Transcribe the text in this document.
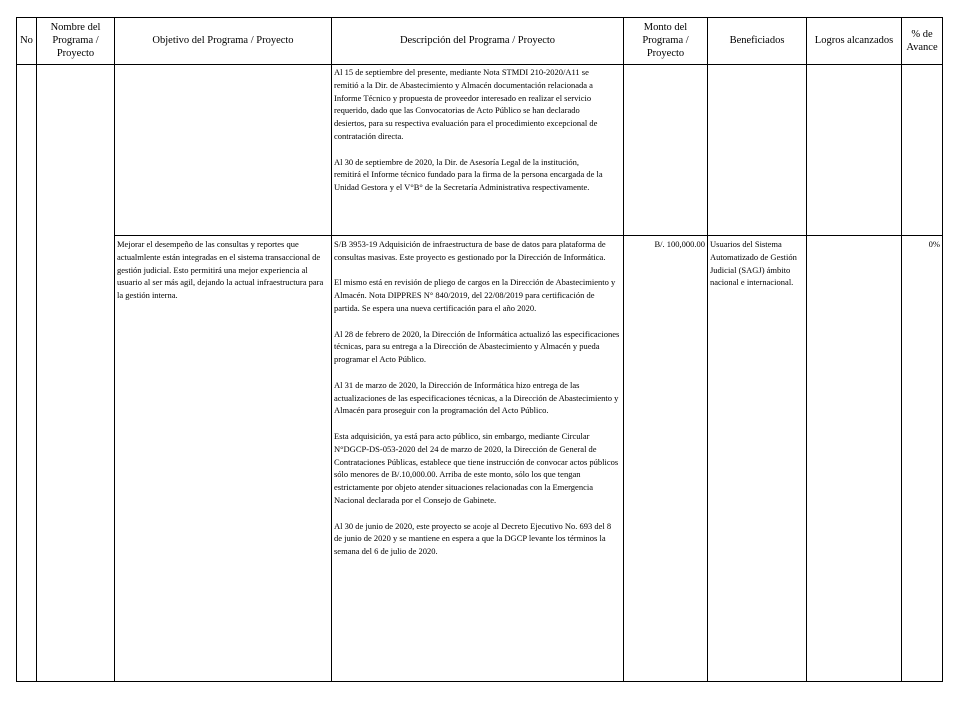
No
Nombre del
Programa /
Proyecto
Objetivo del Programa / Proyecto	Descripción del Programa / Proyecto
Monto del
Programa /
Proyecto
Beneficiados	Logros alcanzados
% de
Avance

Al 15 de septiembre del presente, mediante Nota STMDI 210-2020/A11 se remitió a la Dir. de Abastecimiento y Almacén documentación relacionada a Informe Técnico y propuesta de proveedor interesado en realizar el servicio requerido, dado que las Convocatorias de Acto Público se han declarado desiertos, para su respectiva evaluación para el procedimiento excepcional de contratación directa.

Al 30 de septiembre de 2020, la Dir. de Asesoría Legal de la institución, remitirá el Informe técnico fundado para la firma de la persona encargada de la Unidad Gestora y el V°B° de la Secretaría Administrativa respectivamente.

Mejorar el desempeño de las consultas y reportes que actualmlente están integradas en el sistema transaccional de gestión judicial. Esto permitirá una mejor experiencia al usuario al ser más agil, dejando la actual infraestructura para la gestión interna.

S/B 3953-19 Adquisición de infraestructura de base de datos para plataforma de consultas masivas. Este proyecto es gestionado por la Dirección de Informática.

El mismo está en revisión de pliego de cargos en la Dirección de Abastecimiento y Almacén. Nota DIPPRES N° 840/2019, del 22/08/2019 para certificación de partida. Se espera una nueva certificación para el año 2020.

Al 28 de febrero de 2020, la Dirección de Informática actualizó las especificaciones técnicas, para su entrega a la Dirección de Abastecimiento y Almacén y pueda programar el Acto Público.

Al 31 de marzo de 2020, la Dirección de Informática hizo entrega de las actualizaciones de las especificaciones técnicas, a la Dirección de Abastecimiento y Almacén para proseguir con la programación del Acto Público.

Esta adquisición, ya está para acto público, sin embargo, mediante Circular N°DGCP-DS-053-2020 del 24 de marzo de 2020, la Dirección de General de Contrataciones Públicas, establece que tiene instrucción de convocar actos públicos sólo menores de B/.10,000.00. Arriba de este monto, sólo los que tengan estrictamente por objeto atender situaciones relacionadas con la Emergencia Nacional declarada por el Consejo de Gabinete.

Al 30 de junio de 2020, este proyecto se acoje al Decreto Ejecutivo No. 693 del 8 de junio de 2020 y se mantiene en espera a que la DGCP levante los términos la semana del 6 de julio de 2020.

B/. 100,000.00 Usuarios del Sistema Automatizado de Gestión Judicial (SAGJ) ámbito nacional e internacional.
0%
